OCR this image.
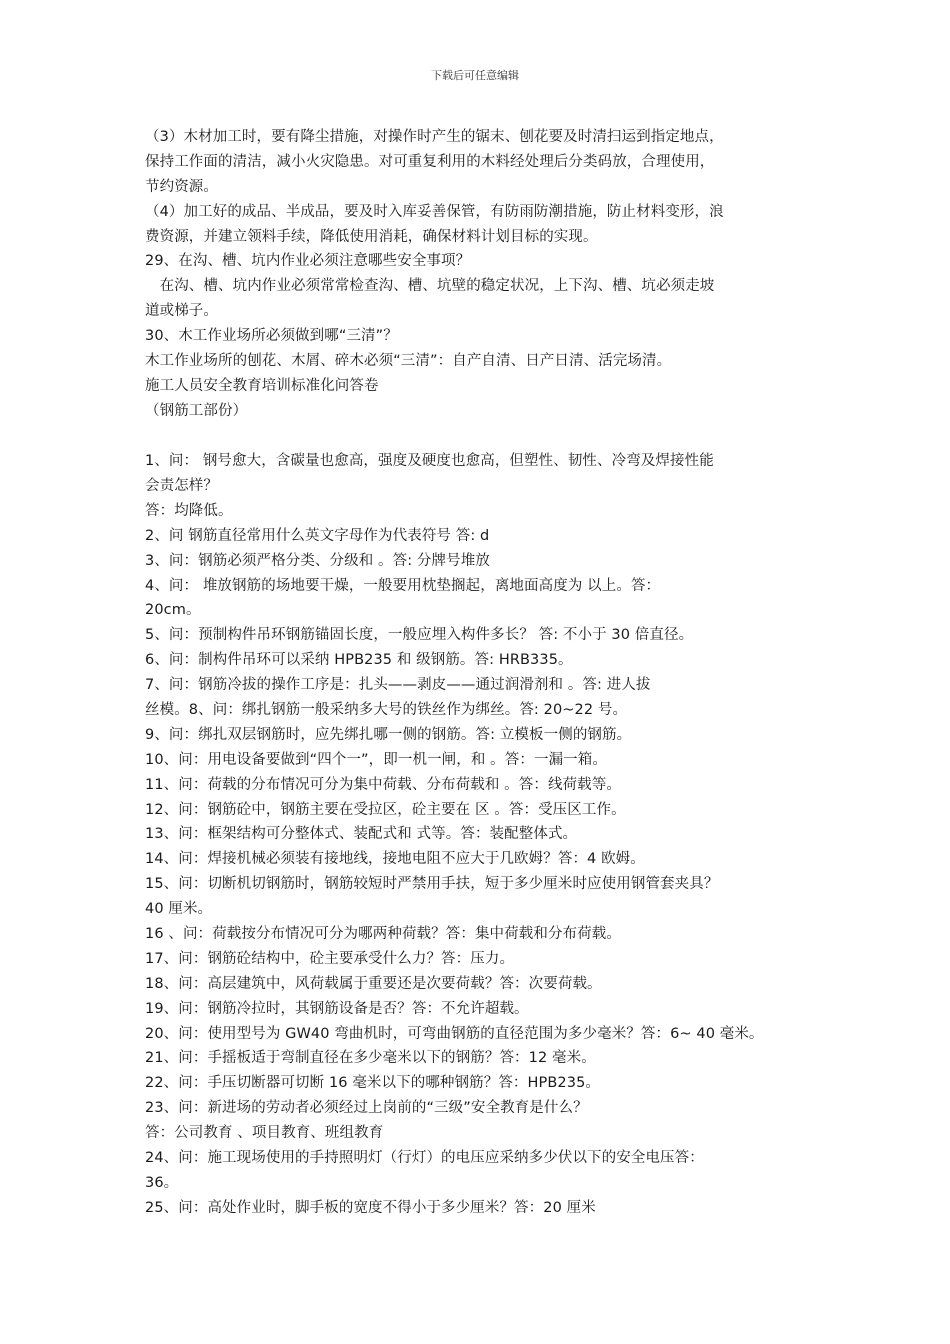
下载后可任意编辑
（3）木材加工时，要有降尘措施，对操作时产生的锯末、刨花要及时清扫运到指定地点，
保持工作面的清洁，减小火灾隐患。对可重复利用的木料经处理后分类码放，合理使用，
节约资源。
（4）加工好的成品、半成品，要及时入库妥善保管，有防雨防潮措施，防止材料变形，浪
费资源，并建立领料手续，降低使用消耗，确保材料计划目标的实现。
29、在沟、槽、坑内作业必须注意哪些安全事项？
　在沟、槽、坑内作业必须常常检查沟、槽、坑壁的稳定状况，上下沟、槽、坑必须走坡
道或梯子。
30、木工作业场所必须做到哪“三清”？
木工作业场所的刨花、木屑、碎木必须“三清”：自产自清、日产日清、活完场清。
施工人员安全教育培训标准化问答卷
（钢筋工部份）
1、问： 钢号愈大，含碳量也愈高，强度及硬度也愈高，但塑性、韧性、冷弯及焊接性能
会责怎样？
答：均降低。
2、问 钢筋直径常用什么英文字母作为代表符号 答: d
3、问：钢筋必须严格分类、分级和 。答: 分牌号堆放
4、问： 堆放钢筋的场地要干燥，一般要用枕垫搁起，离地面高度为 以上。答：
20cm。
5、问：预制构件吊环钢筋锚固长度，一般应埋入构件多长？ 答: 不小于 30 倍直径。
6、问：制构件吊环可以采纳 HPB235 和 级钢筋。答: HRB335。
7、问：钢筋冷拔的操作工序是：扎头——剥皮——通过润滑剂和 。答: 进人拔
丝模。8、问：绑扎钢筋一般采纳多大号的铁丝作为绑丝。答: 20~22 号。
9、问：绑扎双层钢筋时，应先绑扎哪一侧的钢筋。答: 立模板一侧的钢筋。
10、问：用电设备要做到“四个一”，即一机一闸，和 。答：一漏一箱。
11、问：荷载的分布情况可分为集中荷载、分布荷载和 。答：线荷载等。
12、问：钢筋砼中，钢筋主要在受拉区，砼主要在 区 。答：受压区工作。
13、问：框架结构可分整体式、装配式和 式等。答：装配整体式。
14、问：焊接机械必须装有接地线，接地电阻不应大于几欧姆？答：4 欧姆。
15、问：切断机切钢筋时，钢筋较短时严禁用手扶，短于多少厘米时应使用钢管套夹具？
40 厘米。
16 、问：荷载按分布情况可分为哪两种荷载？答：集中荷载和分布荷载。
17、问：钢筋砼结构中，砼主要承受什么力？答：压力。
18、问：高层建筑中，风荷载属于重要还是次要荷载？答：次要荷载。
19、问：钢筋冷拉时，其钢筋设备是否？答：不允许超载。
20、问：使用型号为 GW40 弯曲机时，可弯曲钢筋的直径范围为多少毫米？答：6~ 40 毫米。
21、问：手摇板适于弯制直径在多少毫米以下的钢筋？答：12 毫米。
22、问：手压切断器可切断 16 毫米以下的哪种钢筋？答：HPB235。
23、问：新进场的劳动者必须经过上岗前的“三级”安全教育是什么？
答：公司教育 、项目教育、班组教育
24、问：施工现场使用的手持照明灯（行灯）的电压应采纳多少伏以下的安全电压答：
36。
25、问：高处作业时，脚手板的宽度不得小于多少厘米？答：20 厘米
